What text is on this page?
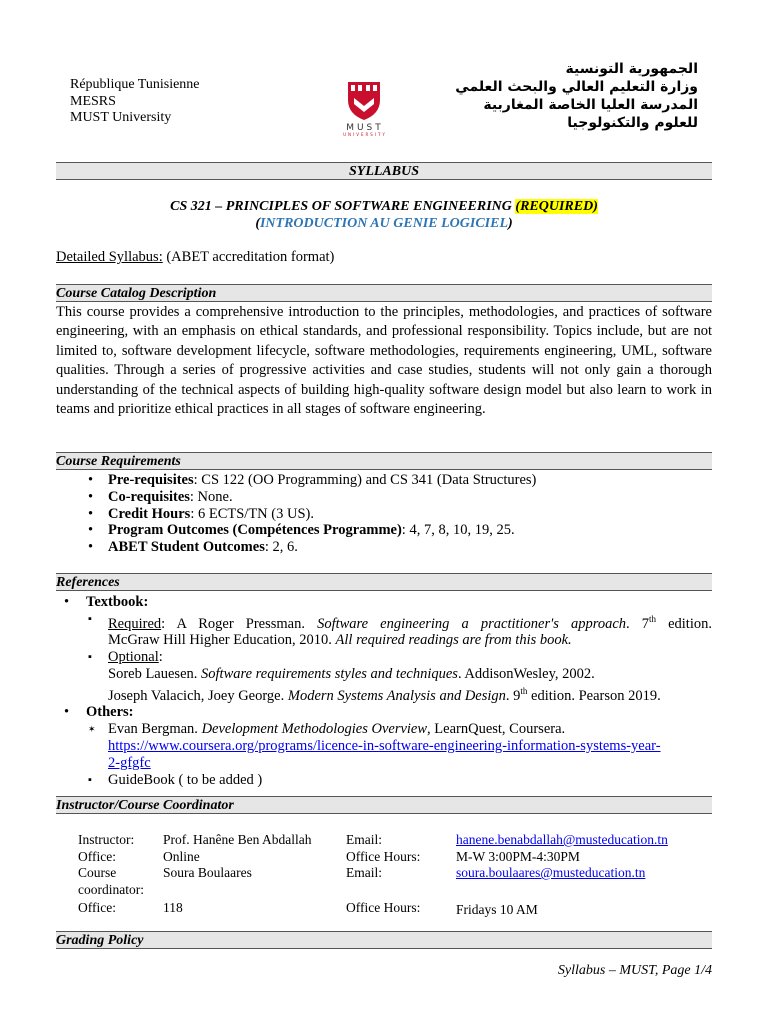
République Tunisienne
MESRS
MUST University
MUST
UNIVERSITY
الجمهورية التونسية
وزارة التعليم العالي والبحث العلمي
المدرسة العليا الخاصة المغاربية للعلوم والتكنولوجيا
SYLLABUS
CS 321 – PRINCIPLES OF SOFTWARE ENGINEERING (REQUIRED)
(INTRODUCTION AU GENIE LOGICIEL)
Detailed Syllabus: (ABET accreditation format)
Course Catalog Description
This course provides a comprehensive introduction to the principles, methodologies, and practices of software engineering, with an emphasis on ethical standards, and professional responsibility. Topics include, but are not limited to, software development lifecycle, software methodologies, requirements engineering, UML, software qualities. Through a series of progressive activities and case studies, students will not only gain a thorough understanding of the technical aspects of building high-quality software design model but also learn to work in teams and prioritize ethical practices in all stages of software engineering.
Course Requirements
• Pre-requisites: CS 122 (OO Programming) and CS 341 (Data Structures)
• Co-requisites: None.
• Credit Hours: 6 ECTS/TN (3 US).
• Program Outcomes (Compétences Programme): 4, 7, 8, 10, 19, 25.
• ABET Student Outcomes: 2, 6.
References
• Textbook:
▪ Required: A Roger Pressman. Software engineering a practitioner's approach. 7th edition.
McGraw Hill Higher Education, 2010. All required readings are from this book.
▪ Optional:
Soreb Lauesen. Software requirements styles and techniques. AddisonWesley, 2002.
Joseph Valacich, Joey George. Modern Systems Analysis and Design. 9th edition. Pearson 2019.
• Others:
✶ Evan Bergman. Development Methodologies Overview, LearnQuest, Coursera.
https://www.coursera.org/programs/licence-in-software-engineering-information-systems-year-
2-gfgfc
▪ GuideBook ( to be added )
Instructor/Course Coordinator
Instructor:	Prof. Hanêne Ben Abdallah	Email:	hanene.benabdallah@musteducation.tn
Office:	Online	Office Hours:	M-W 3:00PM-4:30PM
Course coordinator:	Soura Boulaares	Email:	soura.boulaares@musteducation.tn
Office:	118	Office Hours:	Fridays 10 AM
Grading Policy
Syllabus – MUST, Page 1/4
